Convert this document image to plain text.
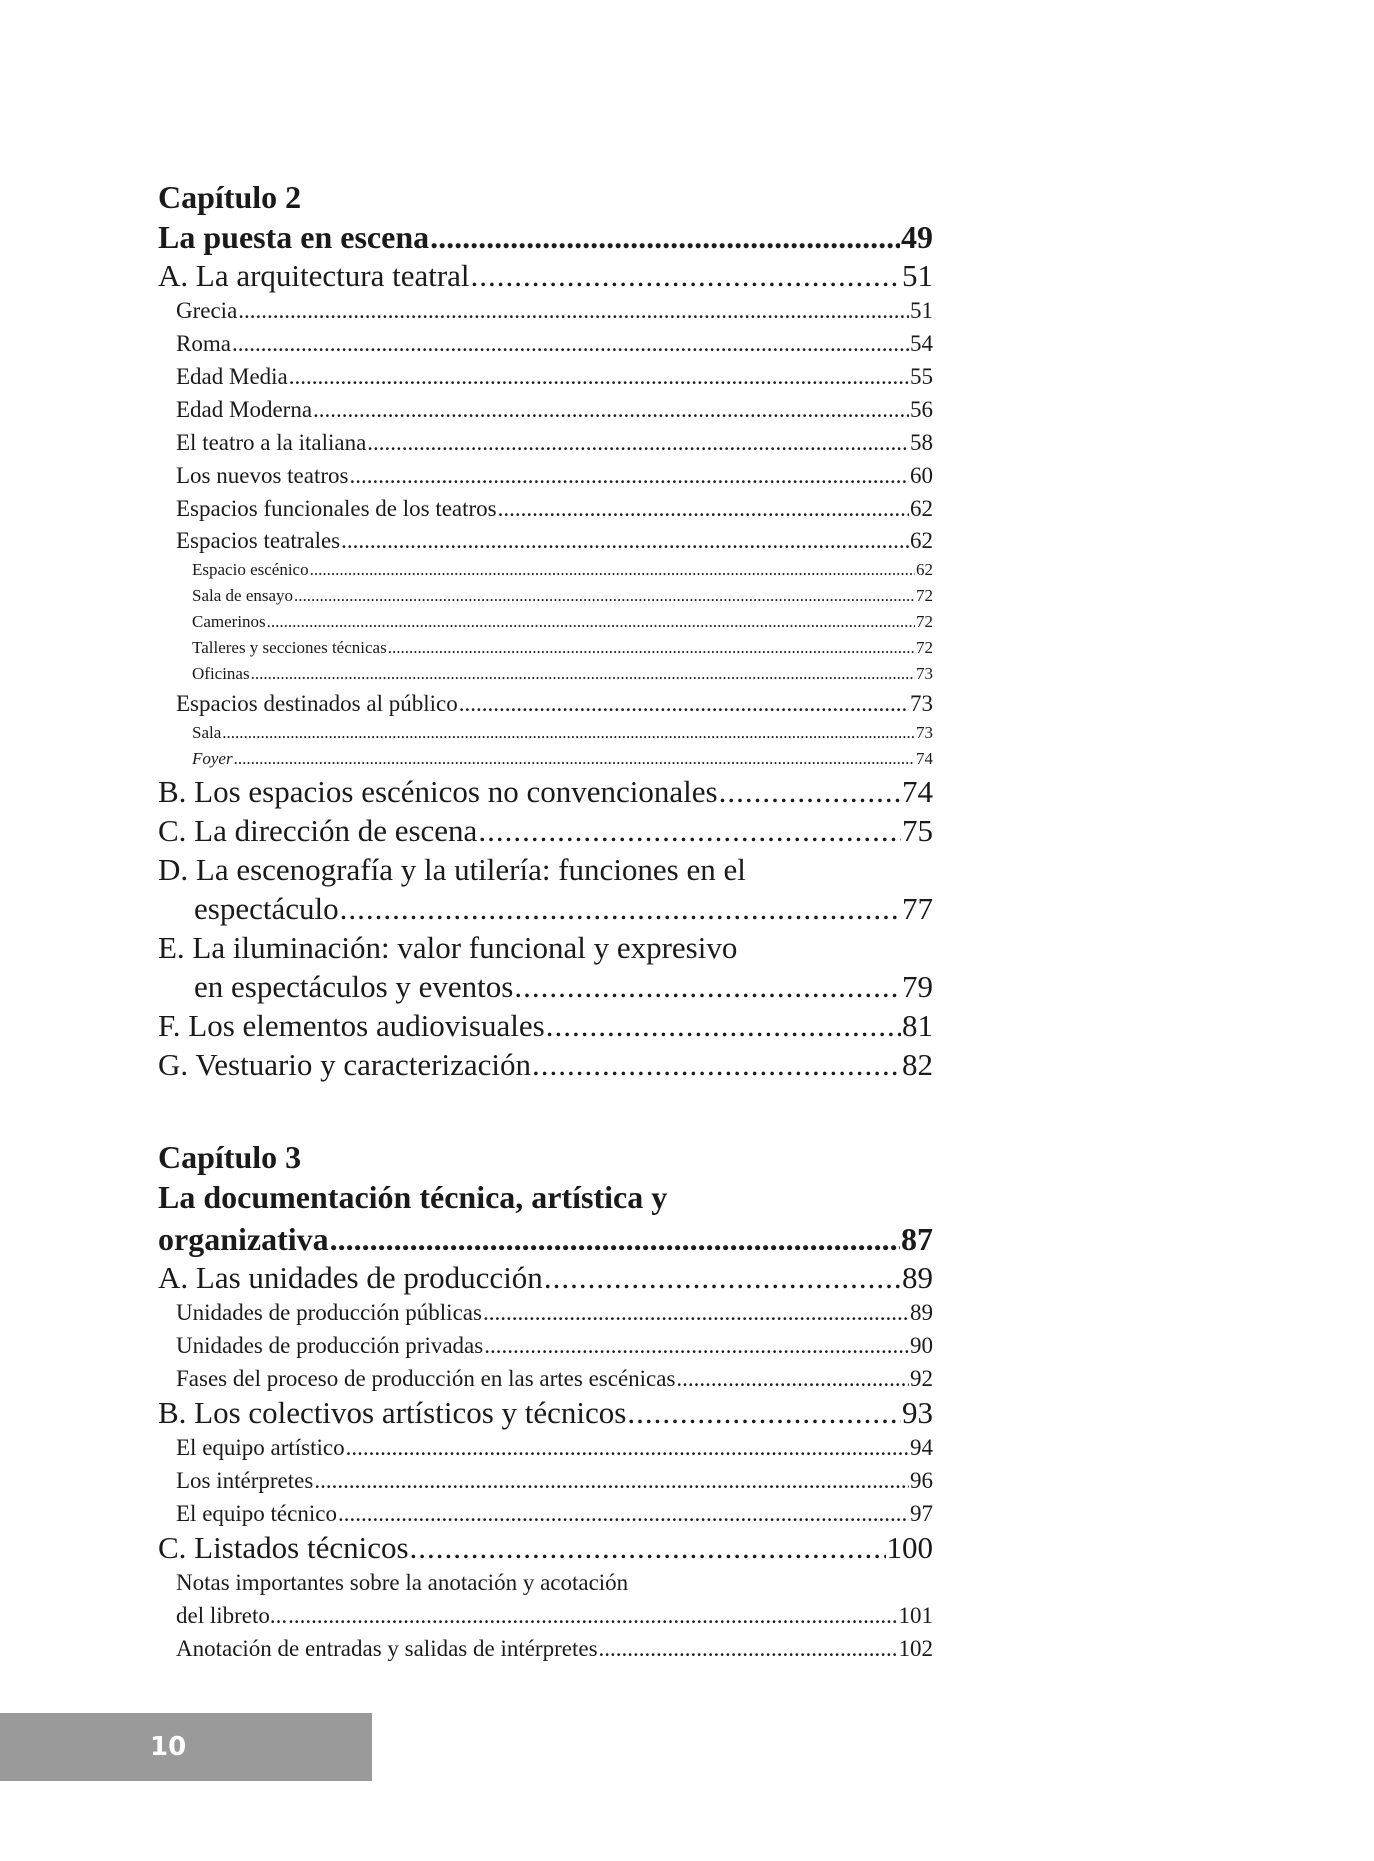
Capítulo 2
La puesta en escena .....	49
A. La arquitectura teatral .....	51
Grecia .....	51
Roma .....	54
Edad Media .....	55
Edad Moderna .....	56
El teatro a la italiana .....	58
Los nuevos teatros .....	60
Espacios funcionales de los teatros .....	62
Espacios teatrales .....	62
Espacio escénico .....	62
Sala de ensayo .....	72
Camerinos .....	72
Talleres y secciones técnicas .....	72
Oficinas .....	73
Espacios destinados al público .....	73
Sala .....	73
Foyer .....	74
B. Los espacios escénicos no convencionales .....	74
C. La dirección de escena .....	75
D. La escenografía y la utilería: funciones en el
espectáculo .....	77
E. La iluminación: valor funcional y expresivo
en espectáculos y eventos .....	79
F. Los elementos audiovisuales .....	81
G. Vestuario y caracterización .....	82
Capítulo 3
La documentación técnica, artística y
organizativa .....	87
A. Las unidades de producción .....	89
Unidades de producción públicas .....	89
Unidades de producción privadas .....	90
Fases del proceso de producción en las artes escénicas .....	92
B. Los colectivos artísticos y técnicos .....	93
El equipo artístico .....	94
Los intérpretes .....	96
El equipo técnico .....	97
C. Listados técnicos .....	100
Notas importantes sobre la anotación y acotación
del libreto... .....	101
Anotación de entradas y salidas de intérpretes .....	102
10
